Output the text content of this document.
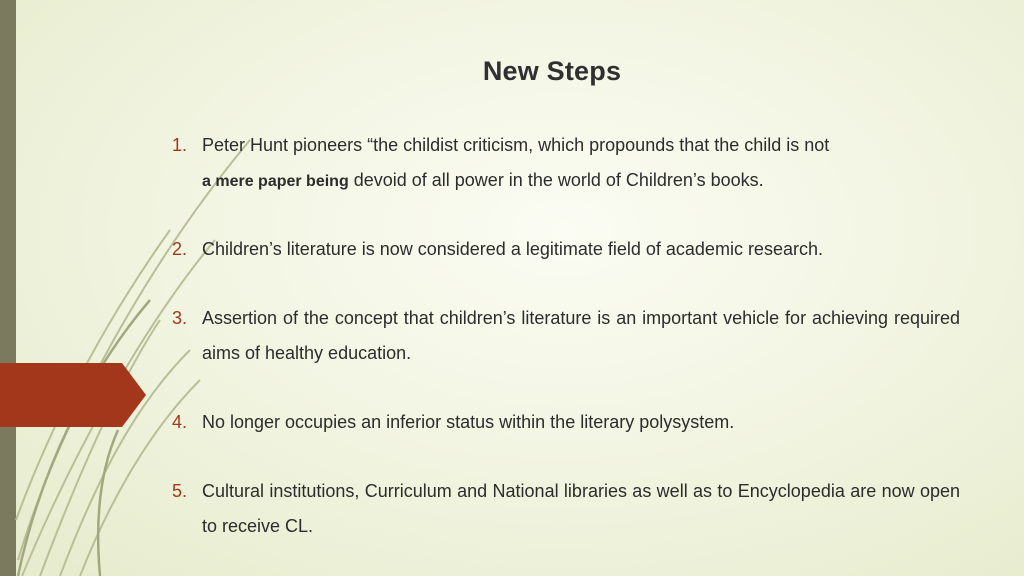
New Steps
1. Peter Hunt pioneers “the childist criticism, which propounds that the child is not
a mere paper being devoid of all power in the world of Children’s books.
2. Children’s literature is now considered a legitimate field of academic research.
3. Assertion of the concept that children’s literature is an important vehicle for achieving required aims of healthy education.
4. No longer occupies an inferior status within the literary polysystem.
5. Cultural institutions, Curriculum and National libraries as well as to Encyclopedia are now open to receive CL.
